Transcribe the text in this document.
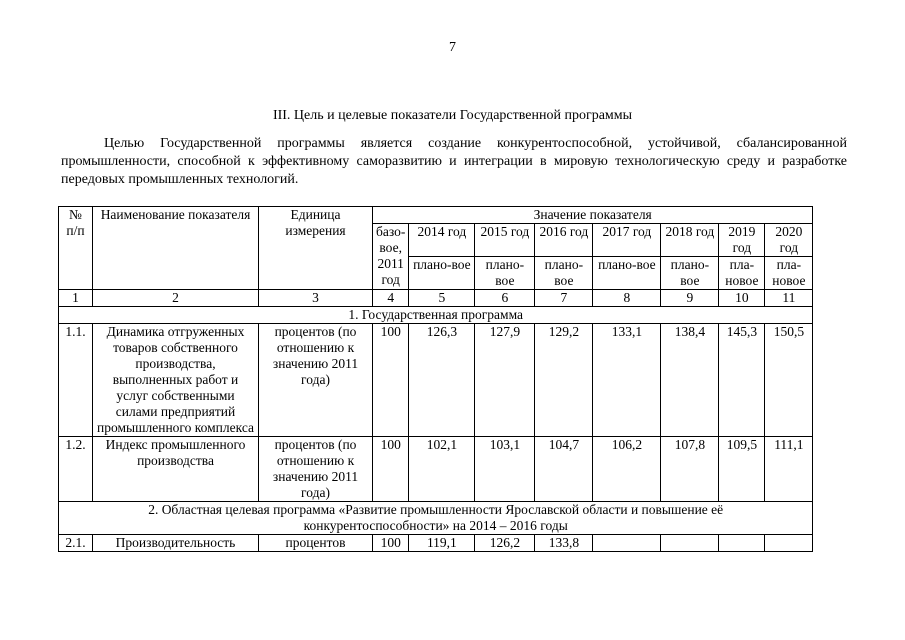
7
III. Цель и целевые показатели Государственной программы

Целью Государственной программы является создание конкурентоспособной, устойчивой, сбалансированной промышленности, способной к эффективному саморазвитию и интеграции в мировую технологическую среду и разработке передовых промышленных технологий.

№ п/п	Наименование показателя	Единица измерения	Значение показателя							
			базо-вое, 2011 год	2014 год	2015 год	2016 год	2017 год	2018 год	2019 год	2020 год
				плано-вое	плано-вое	плано-вое	плано-вое	плано-вое	пла-новое	пла-новое
1	2	3	4	5	6	7	8	9	10	11
1. Государственная программа										
1.1.	Динамика отгруженных товаров собственного производства, выполненных работ и услуг собственными силами предприятий промышленного комплекса	процентов (по отношению к значению 2011 года)	100	126,3	127,9	129,2	133,1	138,4	145,3	150,5
1.2.	Индекс промышленного производства	процентов (по отношению к значению 2011 года)	100	102,1	103,1	104,7	106,2	107,8	109,5	111,1
2. Областная целевая программа «Развитие промышленности Ярославской области и повышение её конкурентоспособности» на 2014 – 2016 годы										
2.1.	Производительность	процентов	100	119,1	126,2	133,8				
